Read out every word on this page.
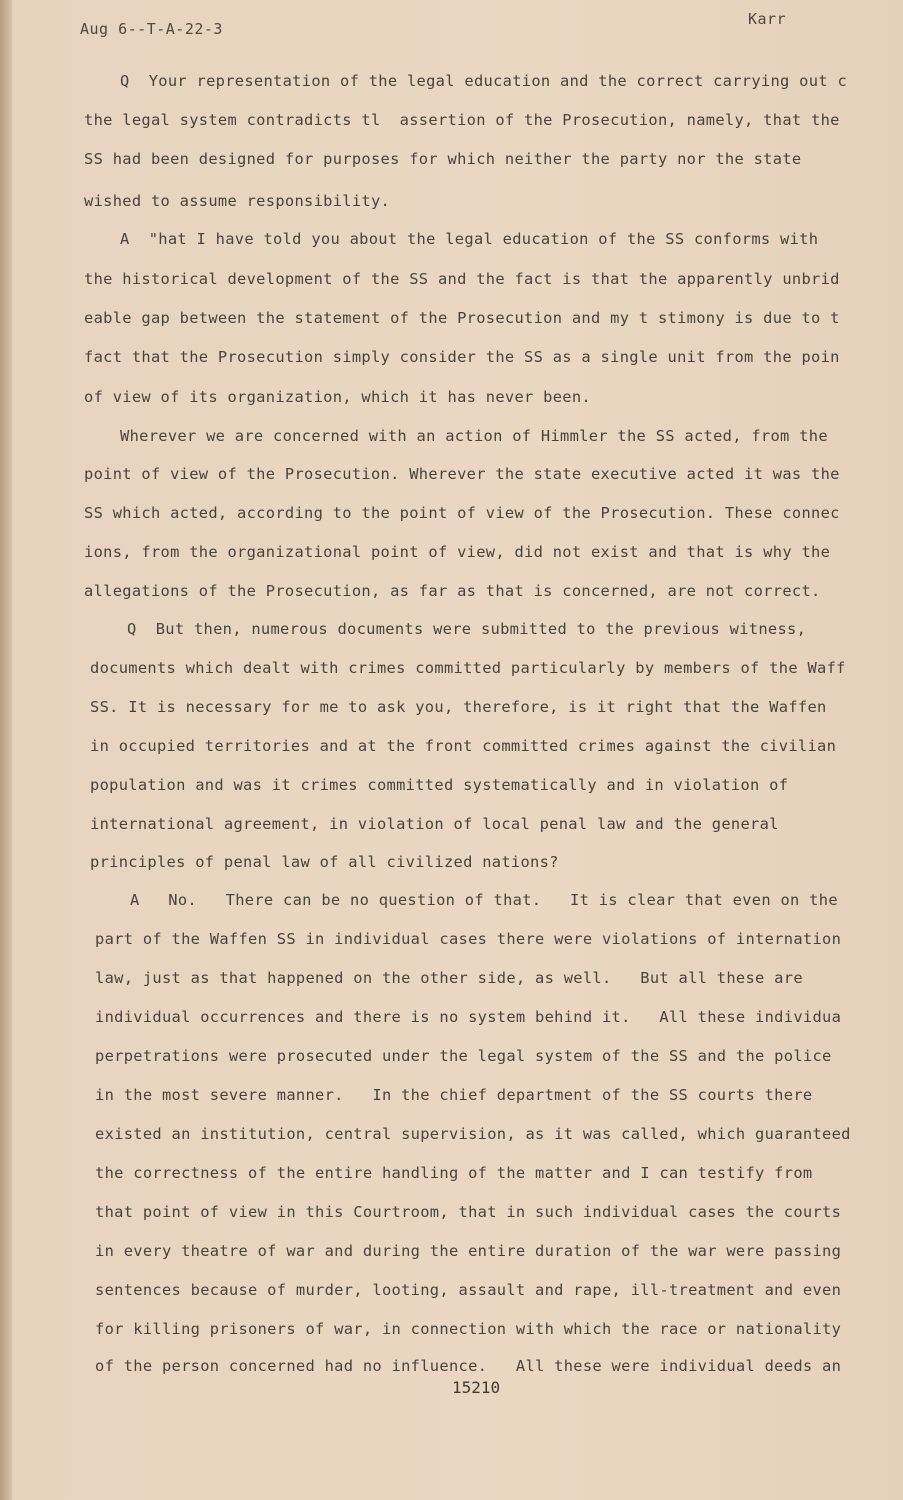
Aug 6-‑T-A-22-3
Karr
Q  Your representation of the legal education and the correct carrying out c
the legal system contradicts tl  assertion of the Prosecution, namely, that the
SS had been designed for purposes for which neither the party nor the state
wished to assume responsibility.
A  "hat I have told you about the legal education of the SS conforms with
the historical development of the SS and the fact is that the apparently unbrid
eable gap between the statement of the Prosecution and my t stimony is due to t
fact that the Prosecution simply consider the SS as a single unit from the poin
of view of its organization, which it has never been.
Wherever we are concerned with an action of Himmler the SS acted, from the
point of view of the Prosecution. Wherever the state executive acted it was the
SS which acted, according to the point of view of the Prosecution. These connec
ions, from the organizational point of view, did not exist and that is why the
allegations of the Prosecution, as far as that is concerned, are not correct.
Q  But then, numerous documents were submitted to the previous witness,
documents which dealt with crimes committed particularly by members of the Waff
SS. It is necessary for me to ask you, therefore, is it right that the Waffen
in occupied territories and at the front committed crimes against the civilian
population and was it crimes committed systematically and in violation of
international agreement, in violation of local penal law and the general
principles of penal law of all civilized nations?
A   No.   There can be no question of that.   It is clear that even on the
part of the Waffen SS in individual cases there were violations of internation
law, just as that happened on the other side, as well.   But all these are
individual occurrences and there is no system behind it.   All these individua
perpetrations were prosecuted under the legal system of the SS and the police
in the most severe manner.   In the chief department of the SS courts there
existed an institution, central supervision, as it was called, which guaranteed
the correctness of the entire handling of the matter and I can testify from
that point of view in this Courtroom, that in such individual cases the courts
in every theatre of war and during the entire duration of the war were passing
sentences because of murder, looting, assault and rape, ill-treatment and even
for killing prisoners of war, in connection with which the race or nationality
of the person concerned had no influence.   All these were individual deeds an
15210
